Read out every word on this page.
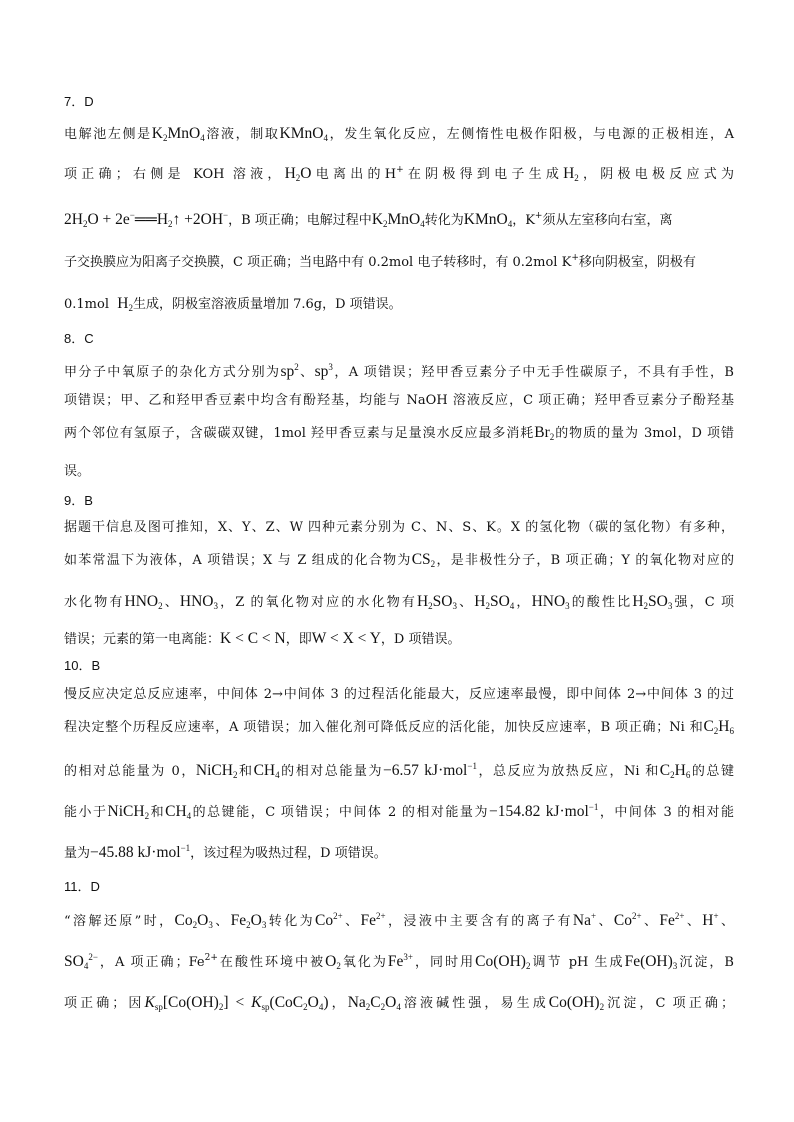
7．D
电解池左侧是$K_2MnO_4$溶液，制取KMnO$_4$，发生氧化反应，左侧惰性电极作阳极，与电源的正极相连，A
项正确；右侧是 KOH 溶液，$H_2O$电离出的H+在阴极得到电子生成$H_2$，阴极电极反应式为
$2H_2O$ + $2e^-══H_2↑ +2OH^-$，B 项正确；电解过程中$K_2MnO_4$转化为KMnO$_4$，K+须从左室移向右室，离
子交换膜应为阳离子交换膜，C 项正确；当电路中有 0.2mol 电子转移时，有 0.2mol K+移向阴极室，阴极有
0.1mol $H_2$生成，阴极室溶液质量增加 7.6g，D 项错误。
8．C
甲分子中氧原子的杂化方式分别为$sp^2$、$sp^3$，A 项错误；羟甲香豆素分子中无手性碳原子，不具有手性，B
项错误；甲、乙和羟甲香豆素中均含有酚羟基，均能与 NaOH 溶液反应，C 项正确；羟甲香豆素分子酚羟基
两个邻位有氢原子，含碳碳双键，1mol 羟甲香豆素与足量溴水反应最多消耗$Br_2$的物质的量为 3mol，D 项错
误。
9．B
据题干信息及图可推知，X、Y、Z、W 四种元素分别为 C、N、S、K。X 的氢化物（碳的氢化物）有多种，
如苯常温下为液体，A 项错误；X 与 Z 组成的化合物为$CS_2$，是非极性分子，B 项正确；Y 的氧化物对应的
水化物有$HNO_2$、$HNO_3$，Z 的氧化物对应的水化物有$H_2SO_3$、$H_2SO_4$，$HNO_3$的酸性比$H_2SO_3$强，C 项
错误；元素的第一电离能：K < C < N，即W < X < Y，D 项错误。
10．B
慢反应决定总反应速率，中间体 2→中间体 3 的过程活化能最大，反应速率最慢，即中间体 2→中间体 3 的过
程决定整个历程反应速率，A 项错误；加入催化剂可降低反应的活化能，加快反应速率，B 项正确；Ni 和$C_2H_6$
的相对总能量为 0，NiCH$_2$和$CH_4$的相对总能量为−6.57 kJ·mol$^{-1}$，总反应为放热反应，Ni 和$C_2H_6$的总键
能小于NiCH$_2$和$CH_4$的总键能，C 项错误；中间体 2 的相对能量为−154.82 kJ·mol$^{-1}$，中间体 3 的相对能
量为−45.88 kJ·mol$^{-1}$，该过程为吸热过程，D 项错误。
11．D
“溶解还原”时，$Co_2O_3$、$Fe_2O_3$转化为$Co^{2+}$、$Fe^{2+}$，浸液中主要含有的离子有Na+、$Co^{2+}$、$Fe^{2+}$、H+、
$SO_4^{2-}$，A 项正确；$Fe^{2+}$在酸性环境中被$O_2$氧化为$Fe^{3+}$，同时用$Co(OH)_2$调节 pH 生成$Fe(OH)_3$沉淀，B
项正确；因$K_{sp}[Co(OH)_2] < K_{sp}(CoC_2O_4)$，$Na_2C_2O_4$溶液碱性强，易生成$Co(OH)_2$沉淀，C 项正确；
